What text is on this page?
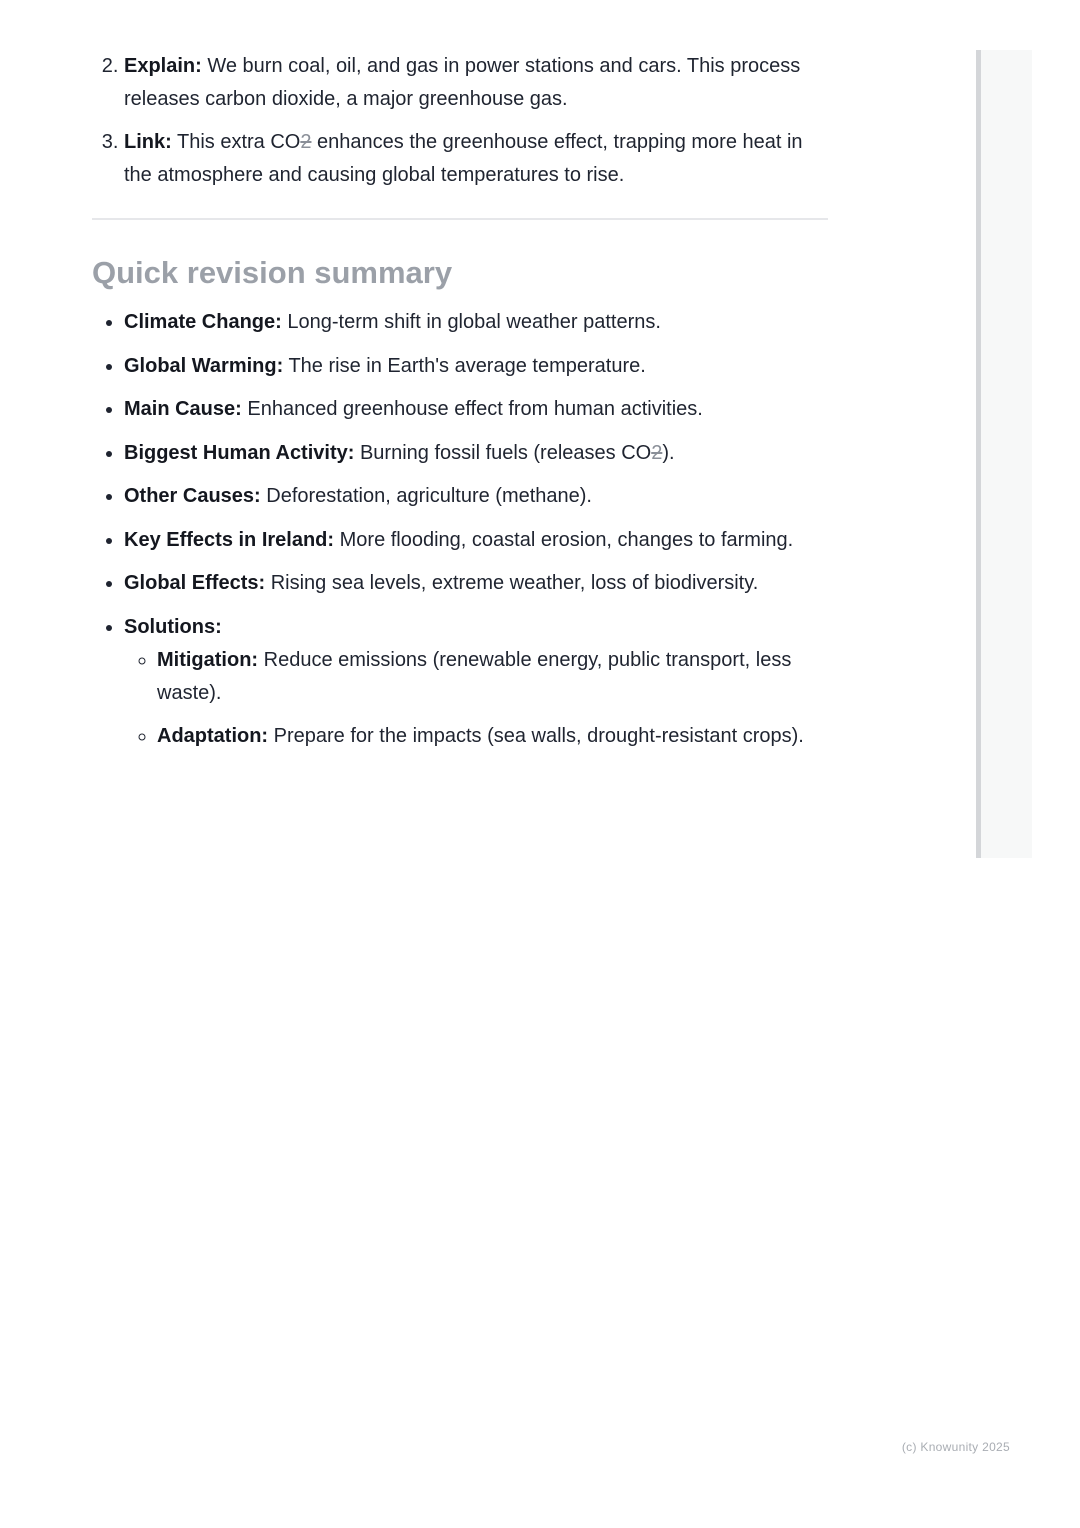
2. Explain: We burn coal, oil, and gas in power stations and cars. This process releases carbon dioxide, a major greenhouse gas.
3. Link: This extra CO2 enhances the greenhouse effect, trapping more heat in the atmosphere and causing global temperatures to rise.
Quick revision summary
• Climate Change: Long-term shift in global weather patterns.
• Global Warming: The rise in Earth's average temperature.
• Main Cause: Enhanced greenhouse effect from human activities.
• Biggest Human Activity: Burning fossil fuels (releases CO2).
• Other Causes: Deforestation, agriculture (methane).
• Key Effects in Ireland: More flooding, coastal erosion, changes to farming.
• Global Effects: Rising sea levels, extreme weather, loss of biodiversity.
• Solutions:
◦ Mitigation: Reduce emissions (renewable energy, public transport, less waste).
◦ Adaptation: Prepare for the impacts (sea walls, drought-resistant crops).
(c) Knowunity 2025
